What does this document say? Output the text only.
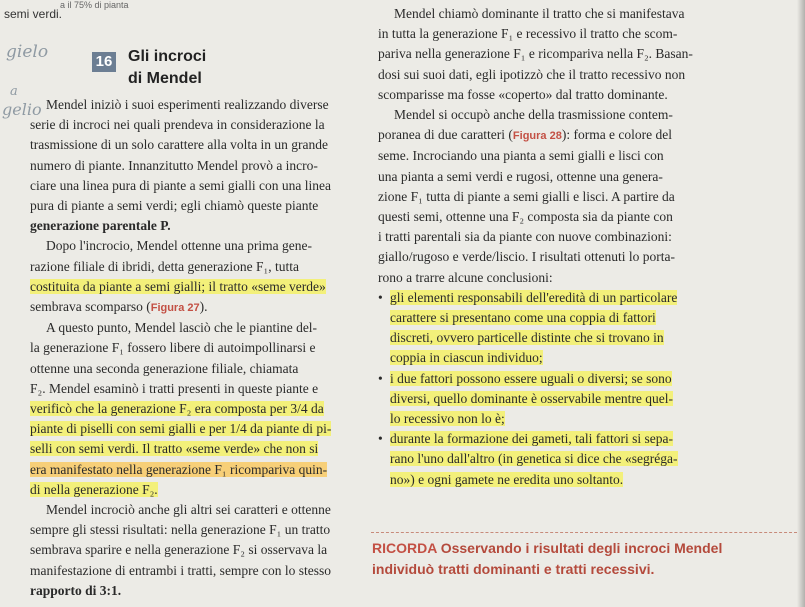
a il 75% di pianta
semi verdi.
gielo
a
gelio
16 Gli incroci
di Mendel
Mendel iniziò i suoi esperimenti realizzando diverse
serie di incroci nei quali prendeva in considerazione la
trasmissione di un solo carattere alla volta in un grande
numero di piante. Innanzitutto Mendel provò a incro-
ciare una linea pura di piante a semi gialli con una linea
pura di piante a semi verdi; egli chiamò queste piante
generazione parentale P.
Dopo l'incrocio, Mendel ottenne una prima gene-
razione filiale di ibridi, detta generazione F₁, tutta
costituita da piante a semi gialli; il tratto «seme verde»
sembrava scomparso (Figura 27).
A questo punto, Mendel lasciò che le piantine del-
la generazione F₁ fossero libere di autoimpollinarsi e
ottenne una seconda generazione filiale, chiamata
F₂. Mendel esaminò i tratti presenti in queste piante e
verificò che la generazione F₂ era composta per 3/4 da
piante di piselli con semi gialli e per 1/4 da piante di pi-
selli con semi verdi. Il tratto «seme verde» che non si
era manifestato nella generazione F₁ ricompariva quin-
di nella generazione F₂.
Mendel incrociò anche gli altri sei caratteri e ottenne
sempre gli stessi risultati: nella generazione F₁ un tratto
sembrava sparire e nella generazione F₂ si osservava la
manifestazione di entrambi i tratti, sempre con lo stesso
rapporto di 3:1.
Mendel chiamò dominante il tratto che si manifestava
in tutta la generazione F₁ e recessivo il tratto che scom-
pariva nella generazione F₁ e ricompariva nella F₂. Basan-
dosi sui suoi dati, egli ipotizzò che il tratto recessivo non
scomparisse ma fosse «coperto» dal tratto dominante.
Mendel si occupò anche della trasmissione contem-
poranea di due caratteri (Figura 28): forma e colore del
seme. Incrociando una pianta a semi gialli e lisci con
una pianta a semi verdi e rugosi, ottenne una genera-
zione F₁ tutta di piante a semi gialli e lisci. A partire da
questi semi, ottenne una F₂ composta sia da piante con
i tratti parentali sia da piante con nuove combinazioni:
giallo/rugoso e verde/liscio. I risultati ottenuti lo porta-
rono a trarre alcune conclusioni:
• gli elementi responsabili dell'eredità di un particolare
carattere si presentano come una coppia di fattori
discreti, ovvero particelle distinte che si trovano in
coppia in ciascun individuo;
• i due fattori possono essere uguali o diversi; se sono
diversi, quello dominante è osservabile mentre quel-
lo recessivo non lo è;
• durante la formazione dei gameti, tali fattori si sepa-
rano l'uno dall'altro (in genetica si dice che «segréga-
no») e ogni gamete ne eredita uno soltanto.
RICORDA Osservando i risultati degli incroci Mendel
individuò tratti dominanti e tratti recessivi.
